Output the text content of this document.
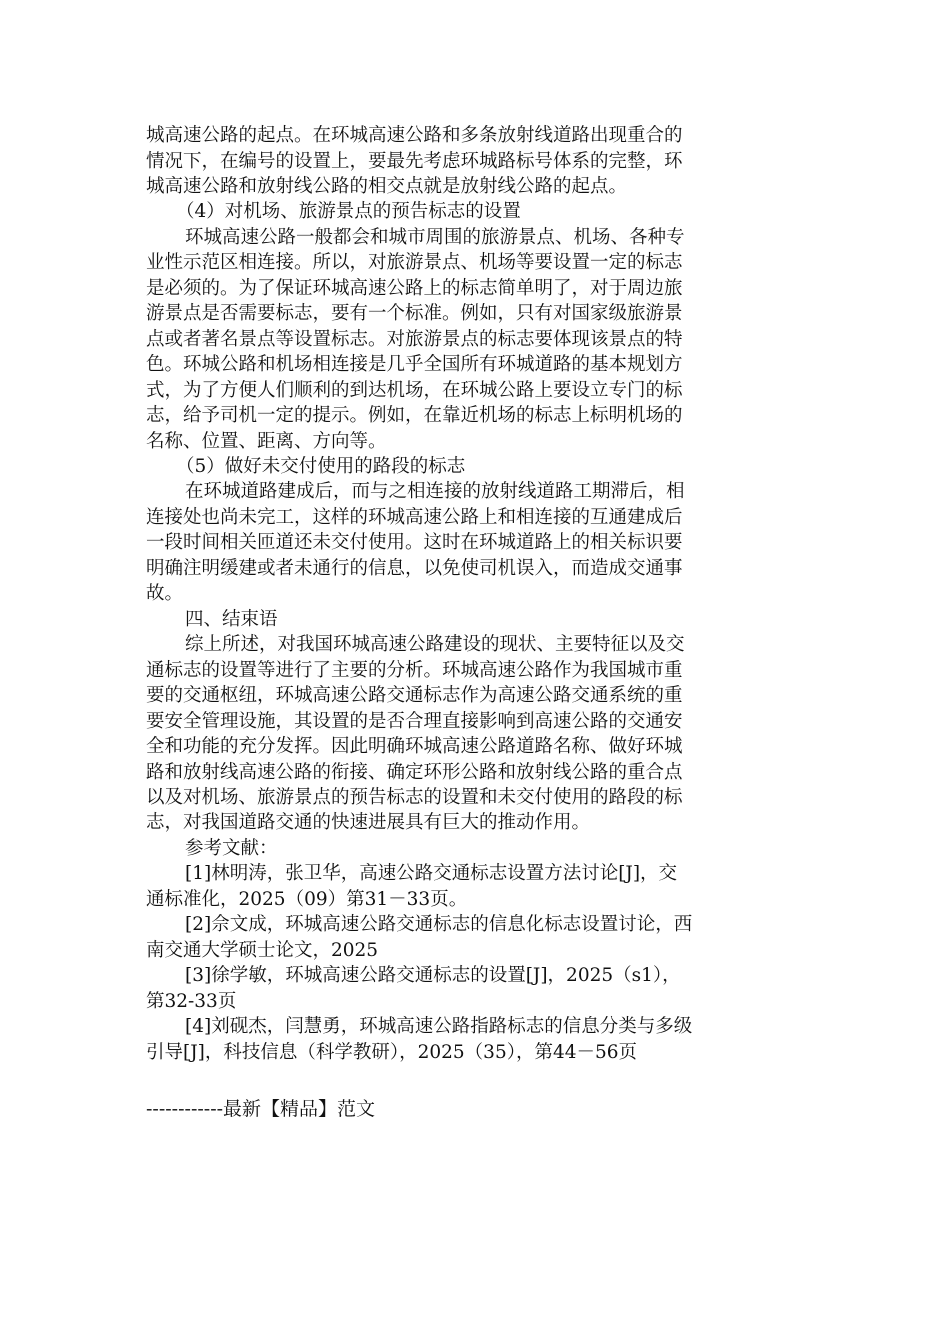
城高速公路的起点。在环城高速公路和多条放射线道路出现重合的

情况下，在编号的设置上，要最先考虑环城路标号体系的完整，环

城高速公路和放射线公路的相交点就是放射线公路的起点。

（4）对机场、旅游景点的预告标志的设置

环城高速公路一般都会和城市周围的旅游景点、机场、各种专

业性示范区相连接。所以，对旅游景点、机场等要设置一定的标志

是必须的。为了保证环城高速公路上的标志简单明了，对于周边旅

游景点是否需要标志，要有一个标准。例如，只有对国家级旅游景

点或者著名景点等设置标志。对旅游景点的标志要体现该景点的特

色。环城公路和机场相连接是几乎全国所有环城道路的基本规划方

式，为了方便人们顺利的到达机场，在环城公路上要设立专门的标

志，给予司机一定的提示。例如，在靠近机场的标志上标明机场的

名称、位置、距离、方向等。

（5）做好未交付使用的路段的标志

在环城道路建成后，而与之相连接的放射线道路工期滞后，相

连接处也尚未完工，这样的环城高速公路上和相连接的互通建成后

一段时间相关匝道还未交付使用。这时在环城道路上的相关标识要

明确注明缓建或者未通行的信息，以免使司机误入，而造成交通事

故。

四、结束语

综上所述，对我国环城高速公路建设的现状、主要特征以及交

通标志的设置等进行了主要的分析。环城高速公路作为我国城市重

要的交通枢纽，环城高速公路交通标志作为高速公路交通系统的重

要安全管理设施，其设置的是否合理直接影响到高速公路的交通安

全和功能的充分发挥。因此明确环城高速公路道路名称、做好环城

路和放射线高速公路的衔接、确定环形公路和放射线公路的重合点

以及对机场、旅游景点的预告标志的设置和未交付使用的路段的标

志，对我国道路交通的快速进展具有巨大的推动作用。

参考文献：

[1]林明涛，张卫华，高速公路交通标志设置方法讨论[J]，交

通标准化，2025（09）第31－33页。

[2]佘文成，环城高速公路交通标志的信息化标志设置讨论，西

南交通大学硕士论文，2025

[3]徐学敏，环城高速公路交通标志的设置[J]，2025（s1），

第32-33页

[4]刘砚杰，闫慧勇，环城高速公路指路标志的信息分类与多级

引导[J]，科技信息（科学教研），2025（35），第44－56页

------------最新【精品】范文
